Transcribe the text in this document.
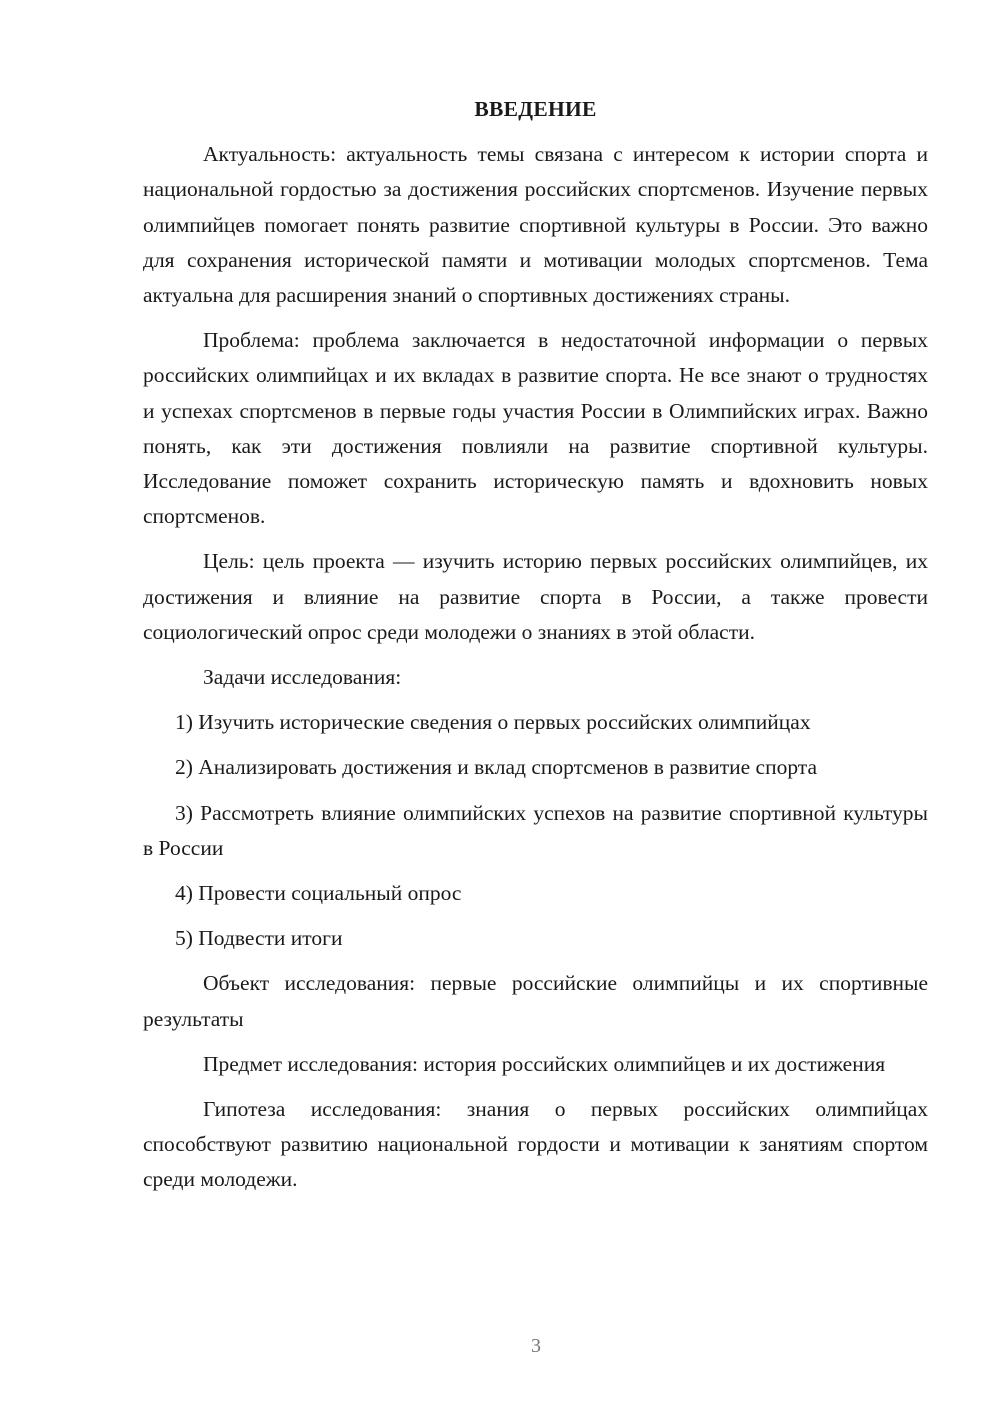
ВВЕДЕНИЕ

Актуальность: актуальность темы связана с интересом к истории спорта и национальной гордостью за достижения российских спортсменов. Изучение первых олимпийцев помогает понять развитие спортивной культуры в России. Это важно для сохранения исторической памяти и мотивации молодых спортсменов. Тема актуальна для расширения знаний о спортивных достижениях страны.

Проблема: проблема заключается в недостаточной информации о первых российских олимпийцах и их вкладах в развитие спорта. Не все знают о трудностях и успехах спортсменов в первые годы участия России в Олимпийских играх. Важно понять, как эти достижения повлияли на развитие спортивной культуры. Исследование поможет сохранить историческую память и вдохновить новых спортсменов.

Цель: цель проекта — изучить историю первых российских олимпийцев, их достижения и влияние на развитие спорта в России, а также провести социологический опрос среди молодежи о знаниях в этой области.

Задачи исследования:

1) Изучить исторические сведения о первых российских олимпийцах

2) Анализировать достижения и вклад спортсменов в развитие спорта

3) Рассмотреть влияние олимпийских успехов на развитие спортивной культуры в России

4) Провести социальный опрос

5) Подвести итоги

Объект исследования: первые российские олимпийцы и их спортивные результаты

Предмет исследования: история российских олимпийцев и их достижения

Гипотеза исследования: знания о первых российских олимпийцах способствуют развитию национальной гордости и мотивации к занятиям спортом среди молодежи.

3
